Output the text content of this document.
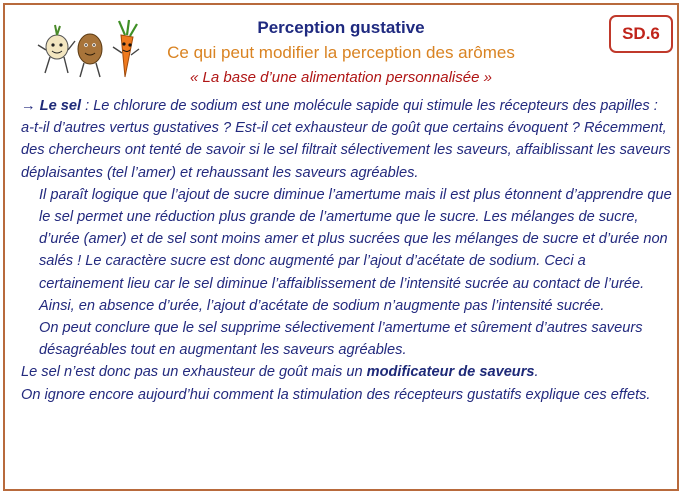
Perception gustative
Ce qui peut modifier la perception des arômes
« La base d’une alimentation personnalisée »
SD.6

→ Le sel : Le chlorure de sodium est une molécule sapide qui stimule les récepteurs des papilles : a-t-il d’autres vertus gustatives ? Est-il cet exhausteur de goût que certains évoquent ? Récemment, des chercheurs ont tenté de savoir si le sel filtrait sélectivement les saveurs, affaiblissant les saveurs déplaisantes (tel l’amer) et rehaussant les saveurs agréables.

Il paraît logique que l’ajout de sucre diminue l’amertume mais il est plus étonnent d’apprendre que le sel permet une réduction plus grande de l’amertume que le sucre. Les mélanges de sucre, d’urée (amer) et de sel sont moins amer et plus sucrées que les mélanges de sucre et d’urée non salés ! Le caractère sucre est donc augmenté par l’ajout d’acétate de sodium. Ceci a certainement lieu car le sel diminue l’affaiblissement de l’intensité sucrée au contact de l’urée. Ainsi, en absence d’urée, l’ajout d’acétate de sodium n’augmente pas l’intensité sucrée.

On peut conclure que le sel supprime sélectivement l’amertume et sûrement d’autres saveurs désagréables tout en augmentant les saveurs agréables.

Le sel n’est donc pas un exhausteur de goût mais un modificateur de saveurs.

On ignore encore aujourd’hui comment la stimulation des récepteurs gustatifs explique ces effets.
